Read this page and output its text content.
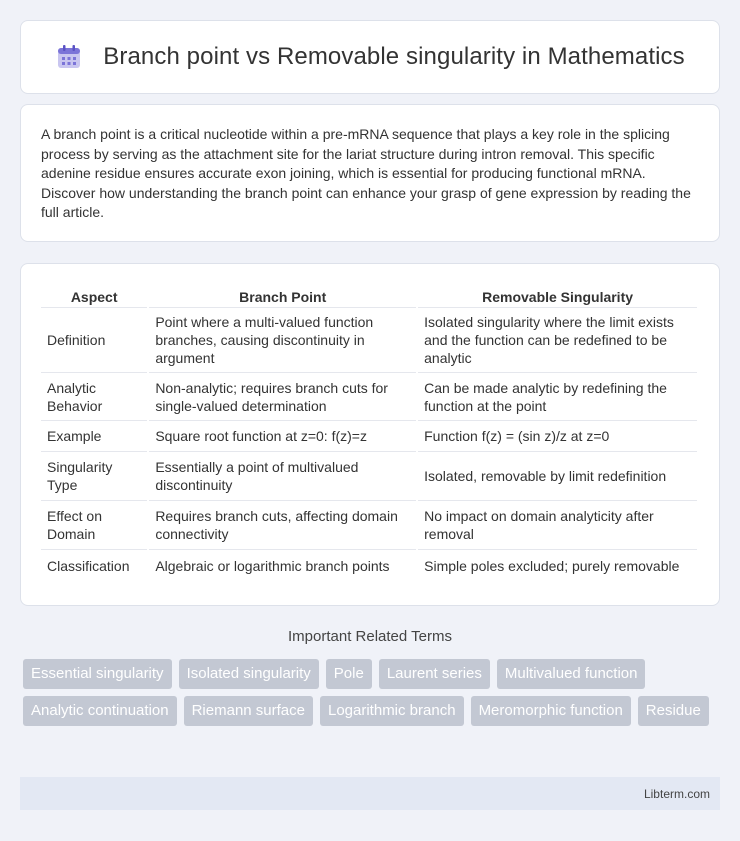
Branch point vs Removable singularity in Mathematics

A branch point is a critical nucleotide within a pre-mRNA sequence that plays a key role in the splicing process by serving as the attachment site for the lariat structure during intron removal. This specific adenine residue ensures accurate exon joining, which is essential for producing functional mRNA. Discover how understanding the branch point can enhance your grasp of gene expression by reading the full article.

Aspect	Branch Point	Removable Singularity
Definition	Point where a multi-valued function branches, causing discontinuity in argument	Isolated singularity where the limit exists and the function can be redefined to be analytic
Analytic Behavior	Non-analytic; requires branch cuts for single-valued determination	Can be made analytic by redefining the function at the point
Example	Square root function at z=0: f(z)=z	Function f(z) = (sin z)/z at z=0
Singularity Type	Essentially a point of multivalued discontinuity	Isolated, removable by limit redefinition
Effect on Domain	Requires branch cuts, affecting domain connectivity	No impact on domain analyticity after removal
Classification	Algebraic or logarithmic branch points	Simple poles excluded; purely removable
Important Related Terms
Essential singularity	Isolated singularity	Pole	Laurent series	Multivalued function
Analytic continuation	Riemann surface	Logarithmic branch	Meromorphic function	Residue
Libterm.com
